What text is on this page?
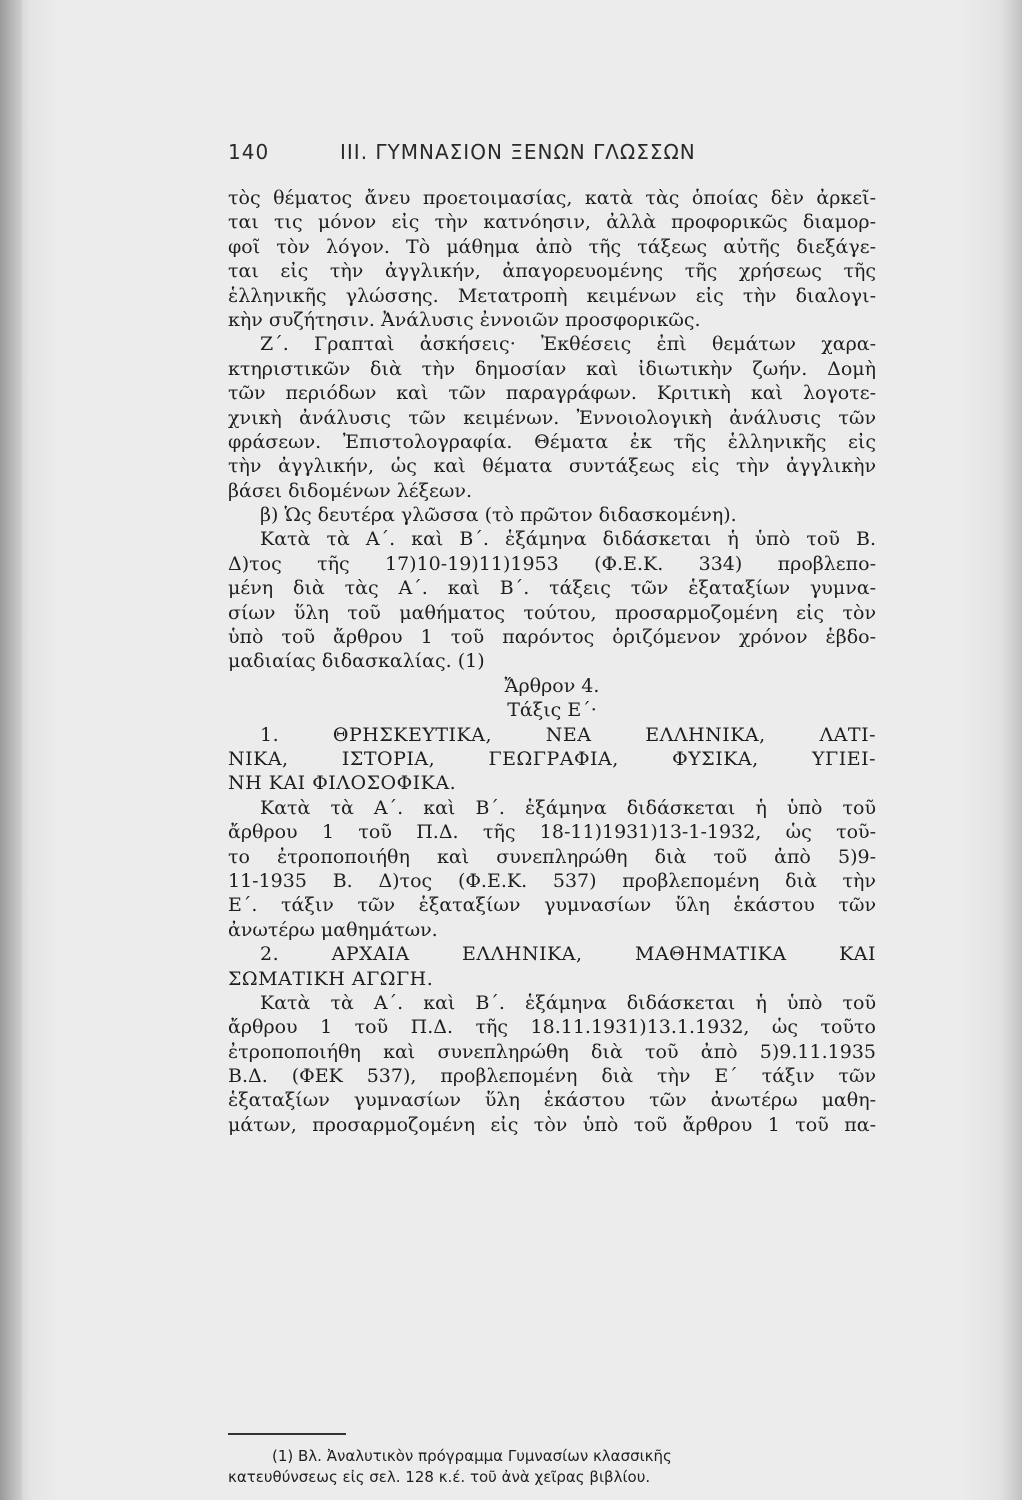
140	III. ΓΥΜΝΑΣΙΟΝ ΞΕΝΩΝ ΓΛΩΣΣΩΝ
τὸς θέματος ἄνευ προετοιμασίας, κατὰ τὰς ὁποίας δὲν ἀρκεῖ-
ται τις μόνον εἰς τὴν κατνόησιν, ἀλλὰ προφορικῶς διαμορ-
φοῖ τὸν λόγον. Τὸ μάθημα ἀπὸ τῆς τάξεως αὐτῆς διεξάγε-
ται εἰς τὴν ἀγγλικήν, ἀπαγορευομένης τῆς χρήσεως τῆς
ἑλληνικῆς γλώσσης. Μετατροπὴ κειμένων εἰς τὴν διαλογι-
κὴν συζήτησιν. Ἀνάλυσις ἐννοιῶν προσφορικῶς.
Ζ΄. Γραπταὶ ἀσκήσεις· Ἐκθέσεις ἐπὶ θεμάτων χαρα-
κτηριστικῶν διὰ τὴν δημοσίαν καὶ ἰδιωτικὴν ζωήν. Δομὴ
τῶν περιόδων καὶ τῶν παραγράφων. Κριτικὴ καὶ λογοτε-
χνικὴ ἀνάλυσις τῶν κειμένων. Ἐννοιολογικὴ ἀνάλυσις τῶν
φράσεων. Ἐπιστολογραφία. Θέματα ἐκ τῆς ἑλληνικῆς εἰς
τὴν ἀγγλικήν, ὡς καὶ θέματα συντάξεως εἰς τὴν ἀγγλικὴν
βάσει διδομένων λέξεων.
β) Ὡς δευτέρα γλῶσσα (τὸ πρῶτον διδασκομένη).
Κατὰ τὰ Α΄. καὶ Β΄. ἑξάμηνα διδάσκεται ἡ ὑπὸ τοῦ Β.
Δ)τος τῆς 17)10-19)11)1953 (Φ.Ε.Κ. 334) προβλεπο-
μένη διὰ τὰς Α΄. καὶ Β΄. τάξεις τῶν ἑξαταξίων γυμνα-
σίων ὕλη τοῦ μαθήματος τούτου, προσαρμοζομένη εἰς τὸν
ὑπὸ τοῦ ἄρθρου 1 τοῦ παρόντος ὁριζόμενον χρόνον ἑβδο-
μαδιαίας διδασκαλίας. (1)
Ἄρθρον 4.
Τάξις Ε΄·
1. ΘΡΗΣΚΕΥΤΙΚΑ, ΝΕΑ ΕΛΛΗΝΙΚΑ, ΛΑΤΙ-
ΝΙΚΑ, ΙΣΤΟΡΙΑ, ΓΕΩΓΡΑΦΙΑ, ΦΥΣΙΚΑ, ΥΓΙΕΙ-
ΝΗ ΚΑΙ ΦΙΛΟΣΟΦΙΚΑ.
Κατὰ τὰ Α΄. καὶ Β΄. ἑξάμηνα διδάσκεται ἡ ὑπὸ τοῦ
ἄρθρου 1 τοῦ Π.Δ. τῆς 18-11)1931)13-1-1932, ὡς τοῦ-
το ἐτροποποιήθη καὶ συνεπληρώθη διὰ τοῦ ἀπὸ 5)9-
11-1935 Β. Δ)τος (Φ.Ε.Κ. 537) προβλεπομένη διὰ τὴν
Ε΄. τάξιν τῶν ἑξαταξίων γυμνασίων ὕλη ἑκάστου τῶν
ἀνωτέρω μαθημάτων.
2. ΑΡΧΑΙΑ ΕΛΛΗΝΙΚΑ, ΜΑΘΗΜΑΤΙΚΑ ΚΑΙ
ΣΩΜΑΤΙΚΗ ΑΓΩΓΗ.
Κατὰ τὰ Α΄. καὶ Β΄. ἑξάμηνα διδάσκεται ἡ ὑπὸ τοῦ
ἄρθρου 1 τοῦ Π.Δ. τῆς 18.11.1931)13.1.1932, ὡς τοῦτο
ἐτροποποιήθη καὶ συνεπληρώθη διὰ τοῦ ἀπὸ 5)9.11.1935
Β.Δ. (ΦΕΚ 537), προβλεπομένη διὰ τὴν Ε΄ τάξιν τῶν
ἑξαταξίων γυμνασίων ὕλη ἑκάστου τῶν ἀνωτέρω μαθη-
μάτων, προσαρμοζομένη εἰς τὸν ὑπὸ τοῦ ἄρθρου 1 τοῦ πα-
(1) Βλ. Ἀναλυτικὸν πρόγραμμα Γυμνασίων κλασσικῆς
κατευθύνσεως εἰς σελ. 128 κ.έ. τοῦ ἀνὰ χεῖρας βιβλίου.
